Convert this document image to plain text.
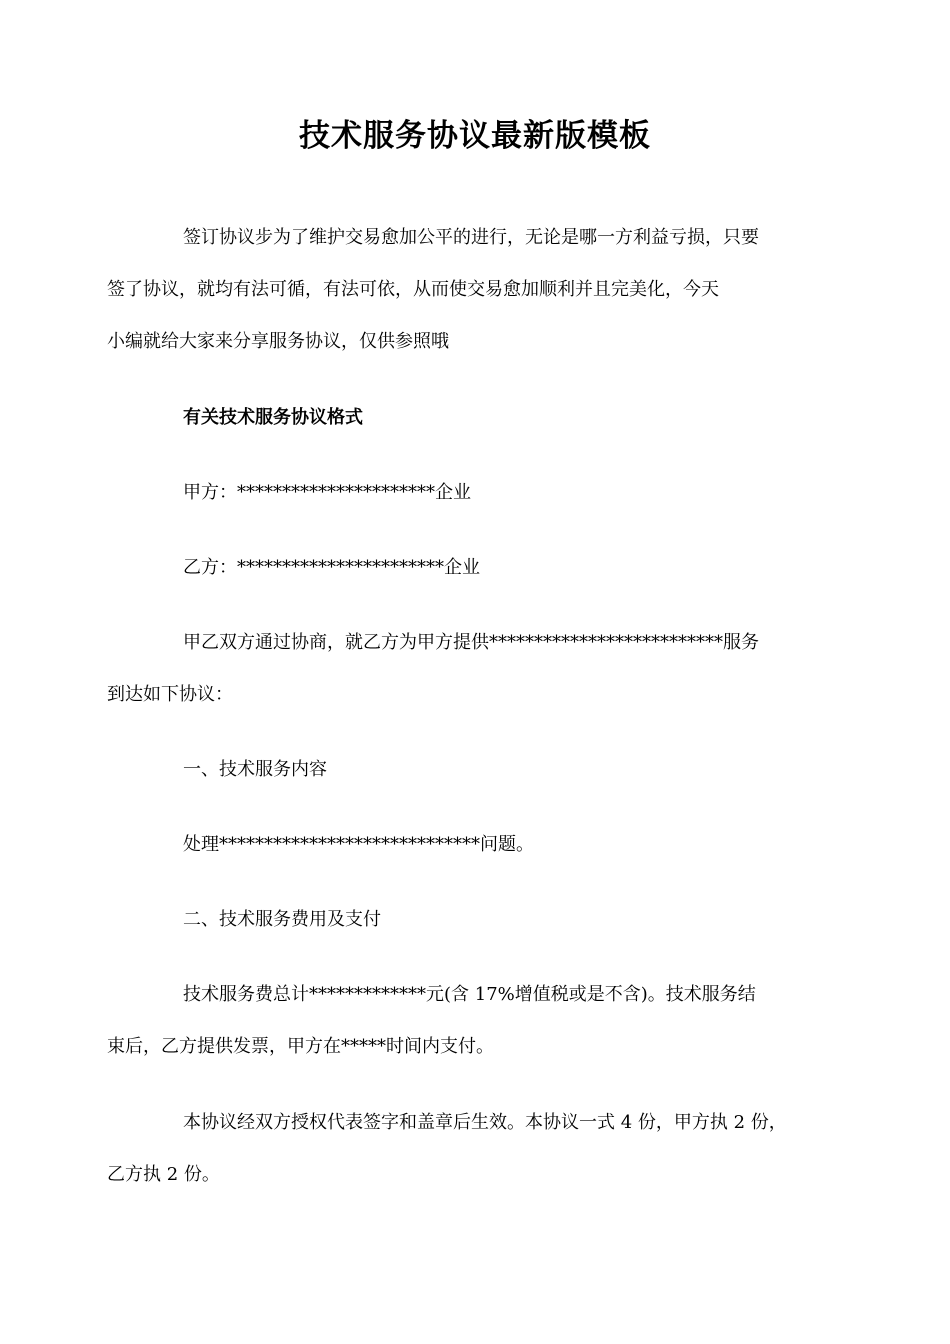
技术服务协议最新版模板
签订协议步为了维护交易愈加公平的进行，无论是哪一方利益亏损，只要
签了协议，就均有法可循，有法可依，从而使交易愈加顺利并且完美化，今天
小编就给大家来分享服务协议，仅供参照哦
有关技术服务协议格式
甲方：**********************企业
乙方：***********************企业
甲乙双方通过协商，就乙方为甲方提供**************************服务
到达如下协议：
一、技术服务内容
处理*****************************问题。
二、技术服务费用及支付
技术服务费总计*************元(含 17%增值税或是不含)。技术服务结
束后，乙方提供发票，甲方在*****时间内支付。
本协议经双方授权代表签字和盖章后生效。本协议一式 4 份，甲方执 2 份，
乙方执 2 份。
